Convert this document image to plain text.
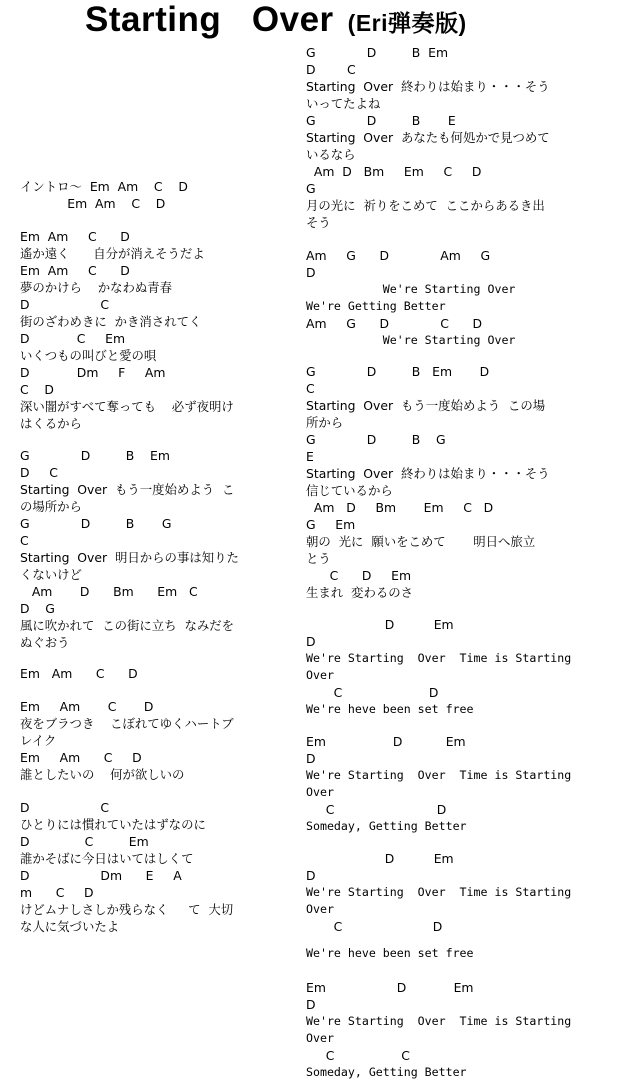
Starting   Over (Eri弾奏版)
イントロ〜  Em  Am    C    D
Em  Am    C    D
Em  Am     C      D
遙か遠く      自分が消えそうだよ
Em  Am     C      D
夢のかけら    かなわぬ青春
D                  C
街のざわめきに  かき消されてく
D            C     Em
いくつもの叫びと愛の唄
D            Dm     F     Am
C    D
深い闇がすべて奪っても    必ず夜明け
はくるから
G             D         B    Em
D     C
Starting  Over  もう一度始めよう  こ
の場所から
G             D         B       G
C
Starting  Over  明日からの事は知りた
くないけど
Am       D      Bm      Em   C
D    G
風に吹かれて  この街に立ち  なみだを
ぬぐおう
Em   Am      C      D
Em     Am       C       D
夜をブラつき    こぼれてゆくハートブ
レイク
Em     Am      C     D
誰としたいの    何が欲しいの
D                  C
ひとりには慣れていたはずなのに
D              C         Em
誰かそばに今日はいてはしくて
D                  Dm      E     A
m      C     D
けどムナしさしか残らなく     て  大切
な人に気づいたよ
G             D         B  Em
D        C
Starting  Over  終わりは始まり・・・そう
いってたよね
G             D         B       E
Starting  Over  あなたも何処かで見つめて
いるなら
Am  D   Bm     Em     C     D
G
月の光に  祈りをこめて  ここからあるき出
そう
Am     G      D             Am     G
D
We're Starting Over
We're Getting Better
Am     G      D             C      D
We're Starting Over
G             D         B   Em       D
C
Starting  Over  もう一度始めよう  この場
所から
G             D         B    G
E
Starting  Over  終わりは始まり・・・そう
信じているから
Am   D     Bm       Em     C   D
G     Em
朝の  光に  願いをこめて       明日へ旅立
とう
C      D     Em
生まれ  変わるのさ
D          Em
D
We're Starting  Over  Time is Starting
Over
C                      D
We're heve been set free
Em                 D           Em
D
We're Starting  Over  Time is Starting
Over
C                          D
Someday, Getting Better
D          Em
D
We're Starting  Over  Time is Starting
Over
C                       D
We're heve been set free
Em                  D            Em
D
We're Starting  Over  Time is Starting
Over
C                 C
Someday, Getting Better
